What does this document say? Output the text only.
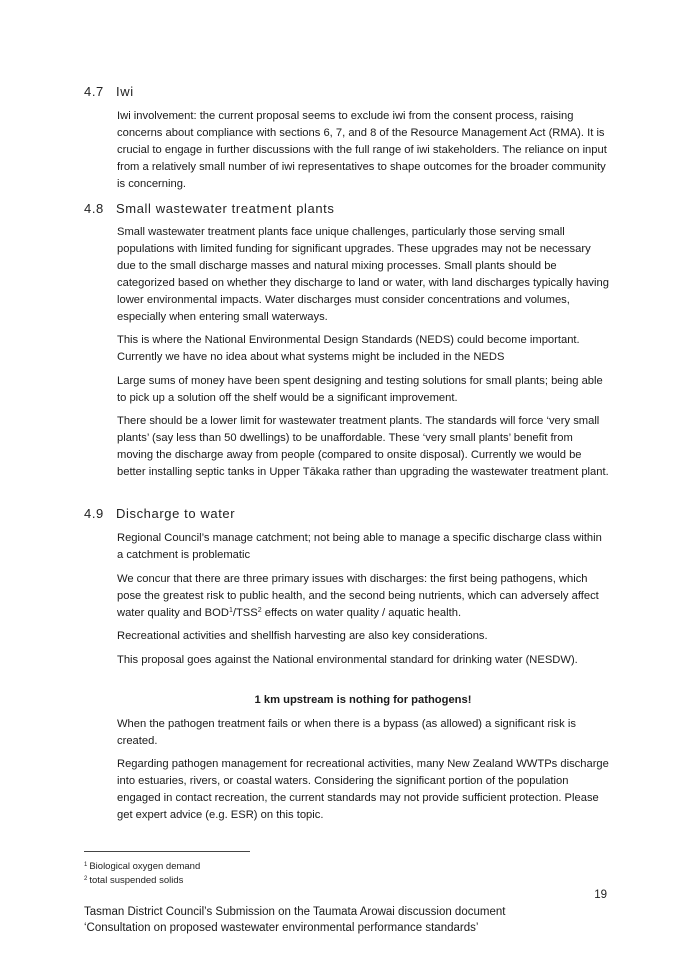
4.7 Iwi
Iwi involvement: the current proposal seems to exclude iwi from the consent process, raising concerns about compliance with sections 6, 7, and 8 of the Resource Management Act (RMA). It is crucial to engage in further discussions with the full range of iwi stakeholders. The reliance on input from a relatively small number of iwi representatives to shape outcomes for the broader community is concerning.
4.8 Small wastewater treatment plants
Small wastewater treatment plants face unique challenges, particularly those serving small populations with limited funding for significant upgrades. These upgrades may not be necessary due to the small discharge masses and natural mixing processes. Small plants should be categorized based on whether they discharge to land or water, with land discharges typically having lower environmental impacts. Water discharges must consider concentrations and volumes, especially when entering small waterways.
This is where the National Environmental Design Standards (NEDS) could become important. Currently we have no idea about what systems might be included in the NEDS
Large sums of money have been spent designing and testing solutions for small plants; being able to pick up a solution off the shelf would be a significant improvement.
There should be a lower limit for wastewater treatment plants. The standards will force ‘very small plants’ (say less than 50 dwellings) to be unaffordable. These ‘very small plants’ benefit from moving the discharge away from people (compared to onsite disposal). Currently we would be better installing septic tanks in Upper Tākaka rather than upgrading the wastewater treatment plant.
4.9 Discharge to water
Regional Council’s manage catchment; not being able to manage a specific discharge class within a catchment is problematic
We concur that there are three primary issues with discharges: the first being pathogens, which pose the greatest risk to public health, and the second being nutrients, which can adversely affect water quality and BOD$^1$/TSS$^2$ effects on water quality / aquatic health.
Recreational activities and shellfish harvesting are also key considerations.
This proposal goes against the National environmental standard for drinking water (NESDW).
1 km upstream is nothing for pathogens!
When the pathogen treatment fails or when there is a bypass (as allowed) a significant risk is created.
Regarding pathogen management for recreational activities, many New Zealand WWTPs discharge into estuaries, rivers, or coastal waters. Considering the significant portion of the population engaged in contact recreation, the current standards may not provide sufficient protection. Please get expert advice (e.g. ESR) on this topic.
$^1$ Biological oxygen demand
$^2$ total suspended solids
19
Tasman District Council’s Submission on the Taumata Arowai discussion document
‘Consultation on proposed wastewater environmental performance standards’
